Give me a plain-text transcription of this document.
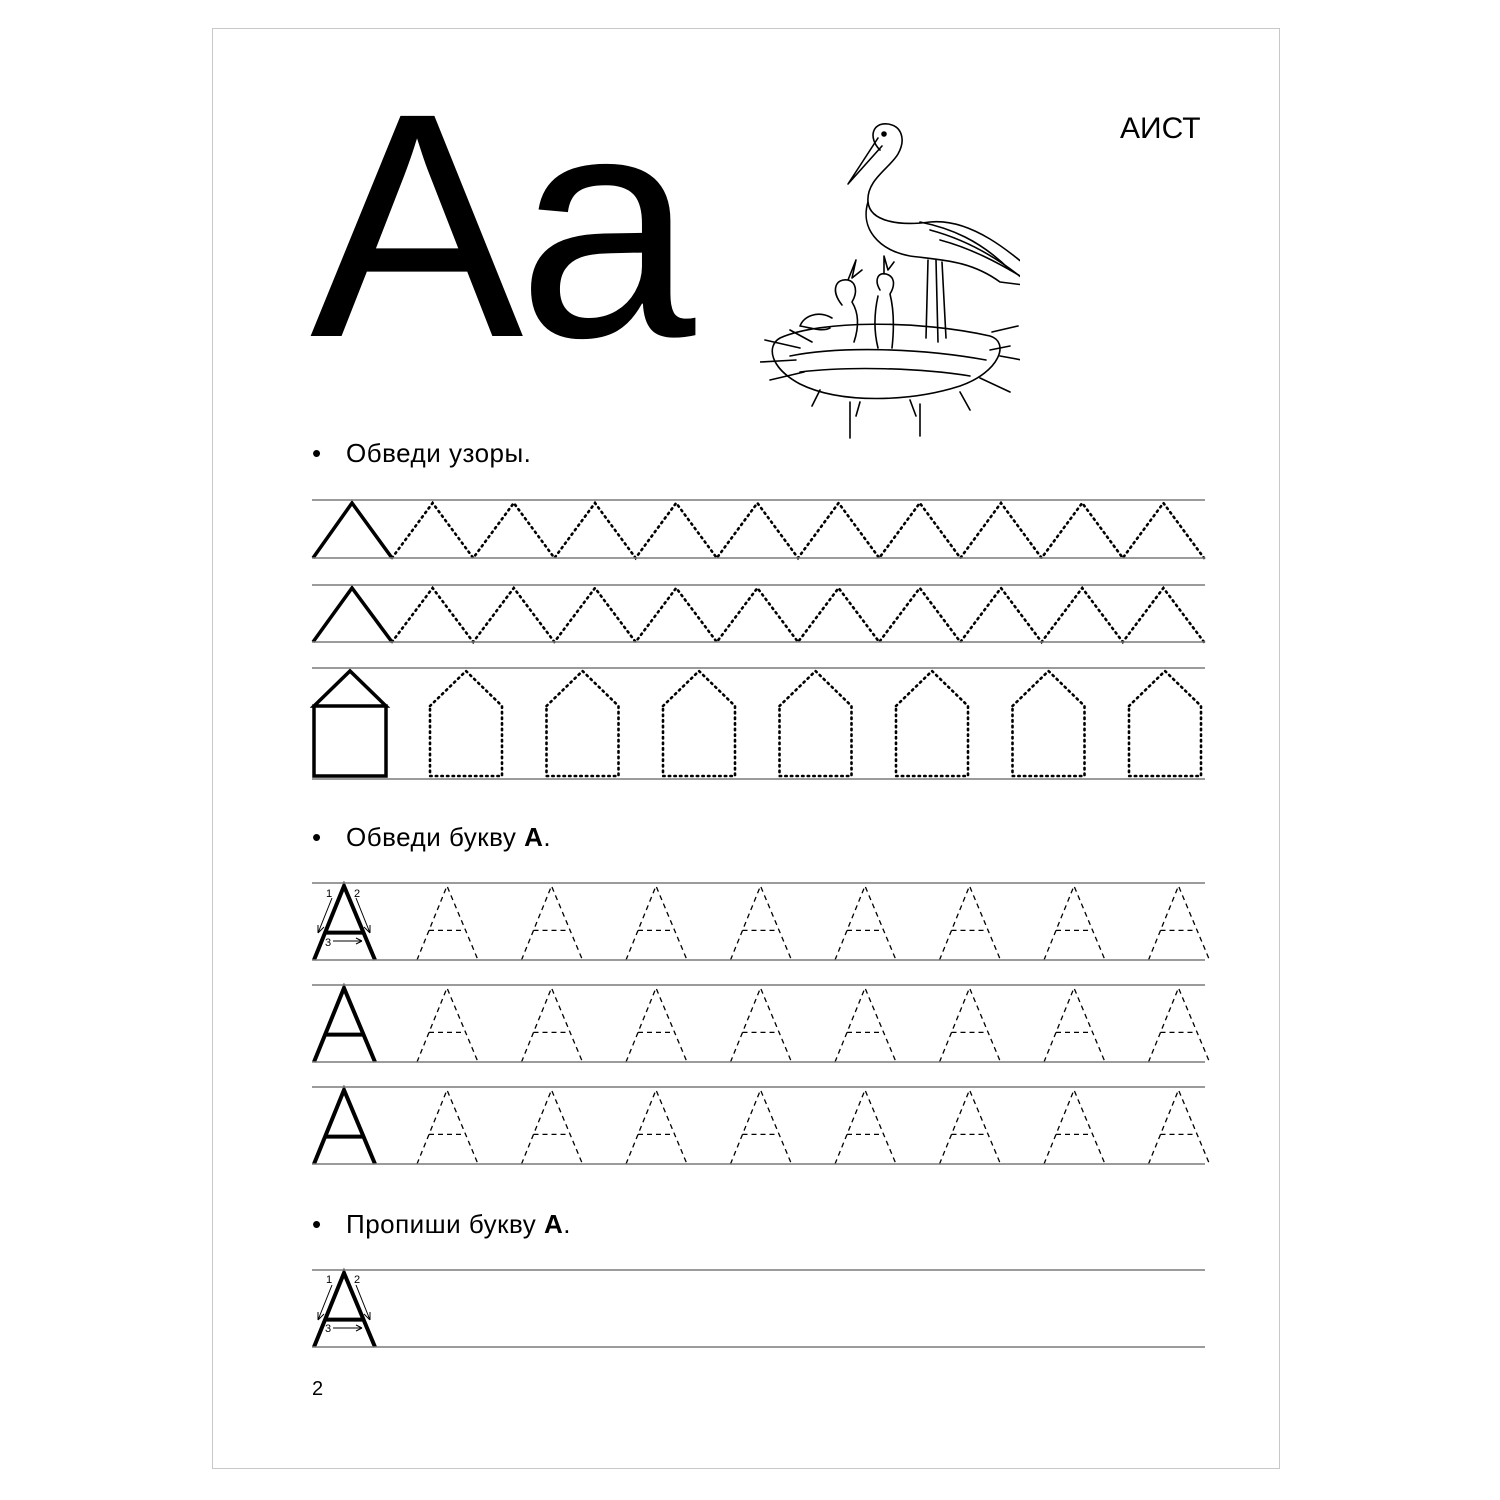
Aa	АИСТ
• Обведи узоры.
• Обведи букву А.
• Пропиши букву А.
1 2
3
1 2
3
2
